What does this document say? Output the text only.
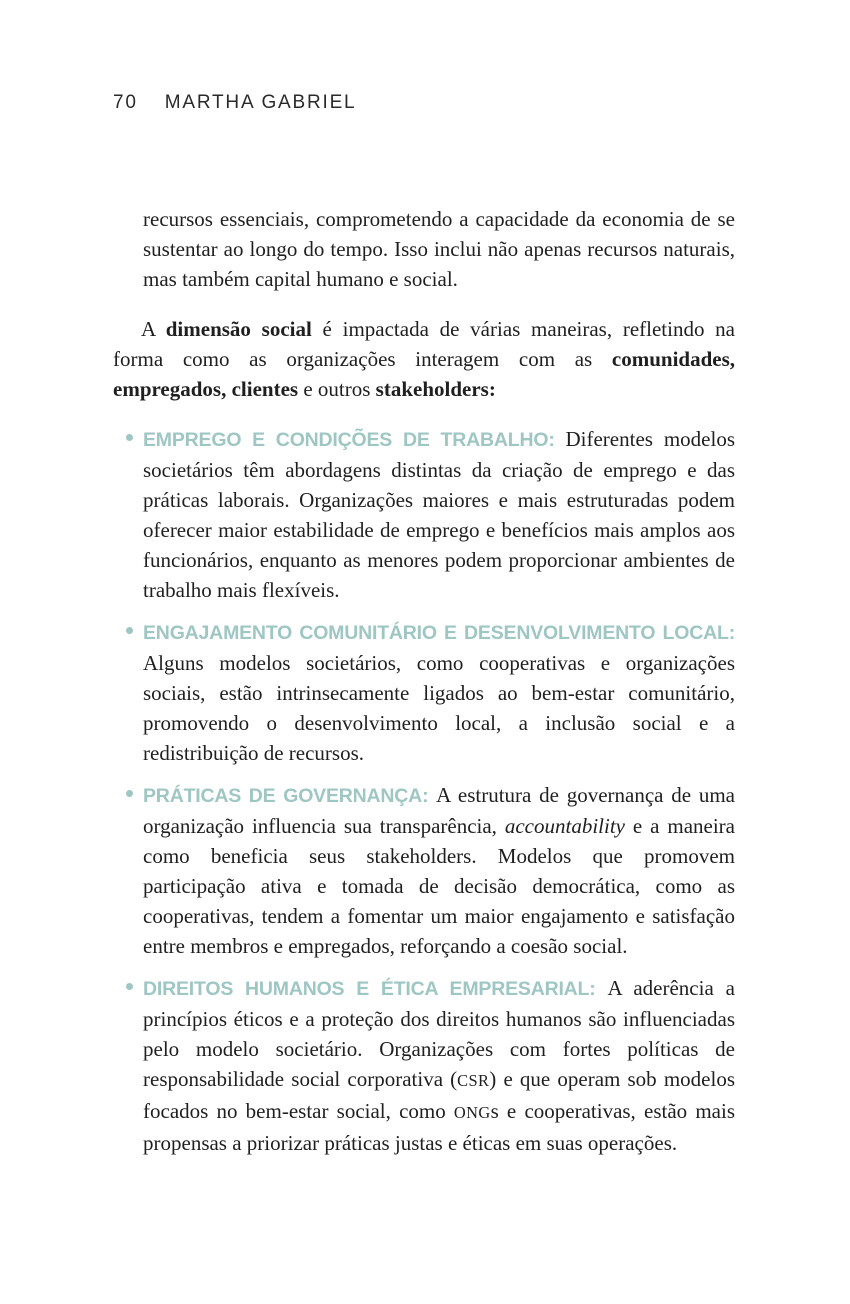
70 MARTHA GABRIEL

recursos essenciais, comprometendo a capacidade da economia de se sustentar ao longo do tempo. Isso inclui não apenas recursos naturais, mas também capital humano e social.

A dimensão social é impactada de várias maneiras, refletindo na forma como as organizações interagem com as comunidades, empregados, clientes e outros stakeholders:

EMPREGO E CONDIÇÕES DE TRABALHO: Diferentes modelos societários têm abordagens distintas da criação de emprego e das práticas laborais. Organizações maiores e mais estruturadas podem oferecer maior estabilidade de emprego e benefícios mais amplos aos funcionários, enquanto as menores podem proporcionar ambientes de trabalho mais flexíveis.
ENGAJAMENTO COMUNITÁRIO E DESENVOLVIMENTO LOCAL: Alguns modelos societários, como cooperativas e organizações sociais, estão intrinsecamente ligados ao bem-estar comunitário, promovendo o desenvolvimento local, a inclusão social e a redistribuição de recursos.
PRÁTICAS DE GOVERNANÇA: A estrutura de governança de uma organização influencia sua transparência, accountability e a maneira como beneficia seus stakeholders. Modelos que promovem participação ativa e tomada de decisão democrática, como as cooperativas, tendem a fomentar um maior engajamento e satisfação entre membros e empregados, reforçando a coesão social.
DIREITOS HUMANOS E ÉTICA EMPRESARIAL: A aderência a princípios éticos e a proteção dos direitos humanos são influenciadas pelo modelo societário. Organizações com fortes políticas de responsabilidade social corporativa (CSR) e que operam sob modelos focados no bem-estar social, como ONGs e cooperativas, estão mais propensas a priorizar práticas justas e éticas em suas operações.
